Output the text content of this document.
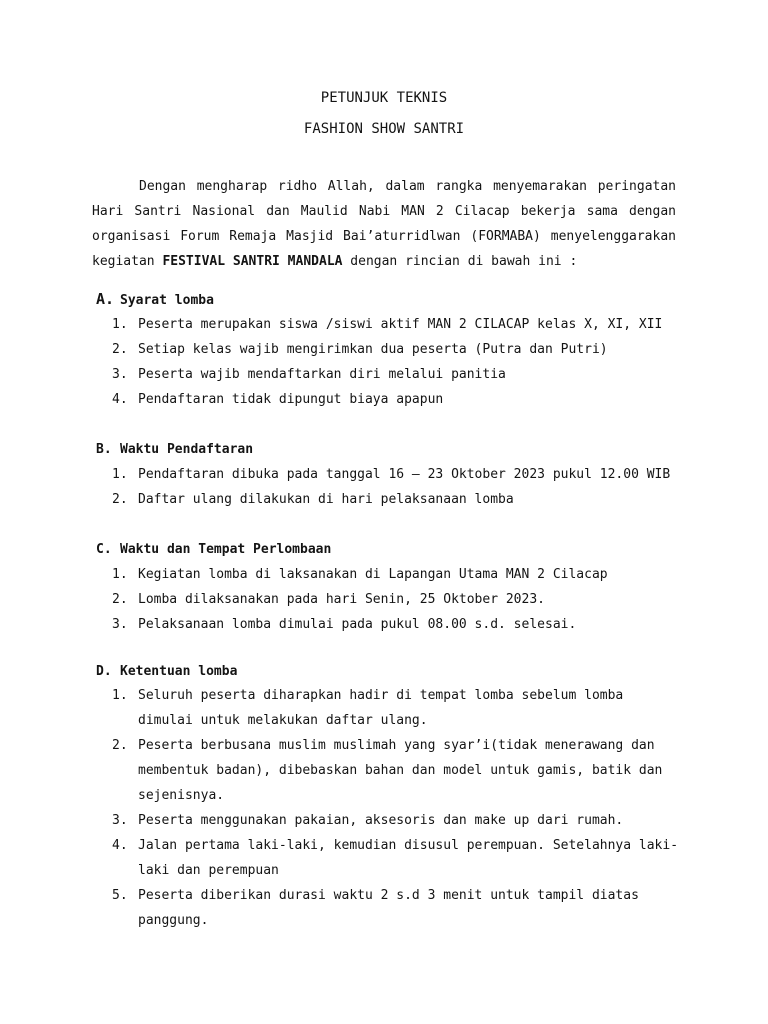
PETUNJUK TEKNIS
FASHION SHOW SANTRI
Dengan mengharap ridho Allah, dalam rangka menyemarakan peringatan
Hari Santri Nasional dan Maulid Nabi MAN 2 Cilacap bekerja sama dengan
organisasi Forum Remaja Masjid Bai’aturridlwan (FORMABA) menyelenggarakan
kegiatan FESTIVAL SANTRI MANDALA dengan rincian di bawah ini :
A. Syarat lomba
1. Peserta merupakan siswa /siswi aktif MAN 2 CILACAP kelas X, XI, XII
2. Setiap kelas wajib mengirimkan dua peserta (Putra dan Putri)
3. Peserta wajib mendaftarkan diri melalui panitia
4. Pendaftaran tidak dipungut biaya apapun
B. Waktu Pendaftaran
1. Pendaftaran dibuka pada tanggal 16 – 23 Oktober 2023 pukul 12.00 WIB
2. Daftar ulang dilakukan di hari pelaksanaan lomba
C. Waktu dan Tempat Perlombaan
1. Kegiatan lomba di laksanakan di Lapangan Utama MAN 2 Cilacap
2. Lomba dilaksanakan pada hari Senin, 25 Oktober 2023.
3. Pelaksanaan lomba dimulai pada pukul 08.00 s.d. selesai.
D. Ketentuan lomba
1. Seluruh peserta diharapkan hadir di tempat lomba sebelum lomba
dimulai untuk melakukan daftar ulang.
2. Peserta berbusana muslim muslimah yang syar’i(tidak menerawang dan
membentuk badan), dibebaskan bahan dan model untuk gamis, batik dan
sejenisnya.
3. Peserta menggunakan pakaian, aksesoris dan make up dari rumah.
4. Jalan pertama laki-laki, kemudian disusul perempuan. Setelahnya laki-
laki dan perempuan
5. Peserta diberikan durasi waktu 2 s.d 3 menit untuk tampil diatas
panggung.
